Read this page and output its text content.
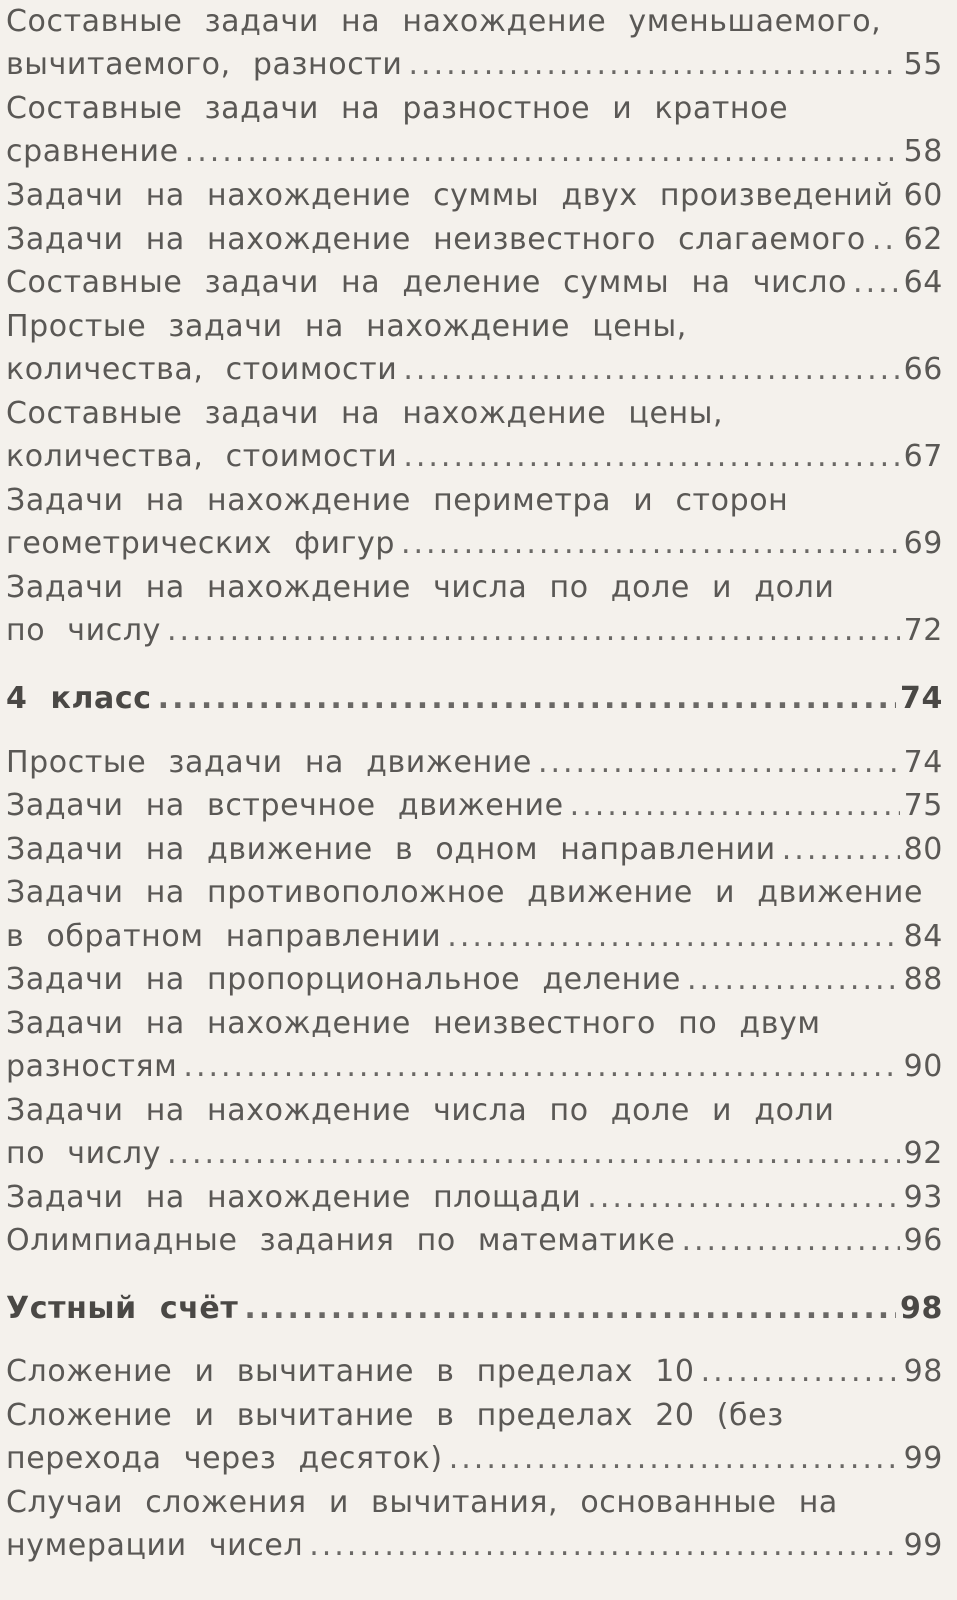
Составные задачи на нахождение уменьшаемого,
вычитаемого, разности .....	55
Составные задачи на разностное и кратное
сравнение .....	58
Задачи на нахождение суммы двух произведений ..... 60
Задачи на нахождение неизвестного слагаемого ..... 62
Составные задачи на деление суммы на число ..... 64
Простые задачи на нахождение цены,
количества, стоимости .....	66
Составные задачи на нахождение цены,
количества, стоимости .....	67
Задачи на нахождение периметра и сторон
геометрических фигур .....	69
Задачи на нахождение числа по доле и доли
по числу .....	72
4 класс .....	74
Простые задачи на движение .....	74
Задачи на встречное движение .....	75
Задачи на движение в одном направлении .....	80
Задачи на противоположное движение и движение
в обратном направлении .....	84
Задачи на пропорциональное деление .....	88
Задачи на нахождение неизвестного по двум
разностям .....	90
Задачи на нахождение числа по доле и доли
по числу .....	92
Задачи на нахождение площади .....	93
Олимпиадные задания по математике .....	96
Устный счёт .....	98
Сложение и вычитание в пределах 10 .....	98
Сложение и вычитание в пределах 20 (без
перехода через десяток) .....	99
Случаи сложения и вычитания, основанные на
нумерации чисел .....	99
